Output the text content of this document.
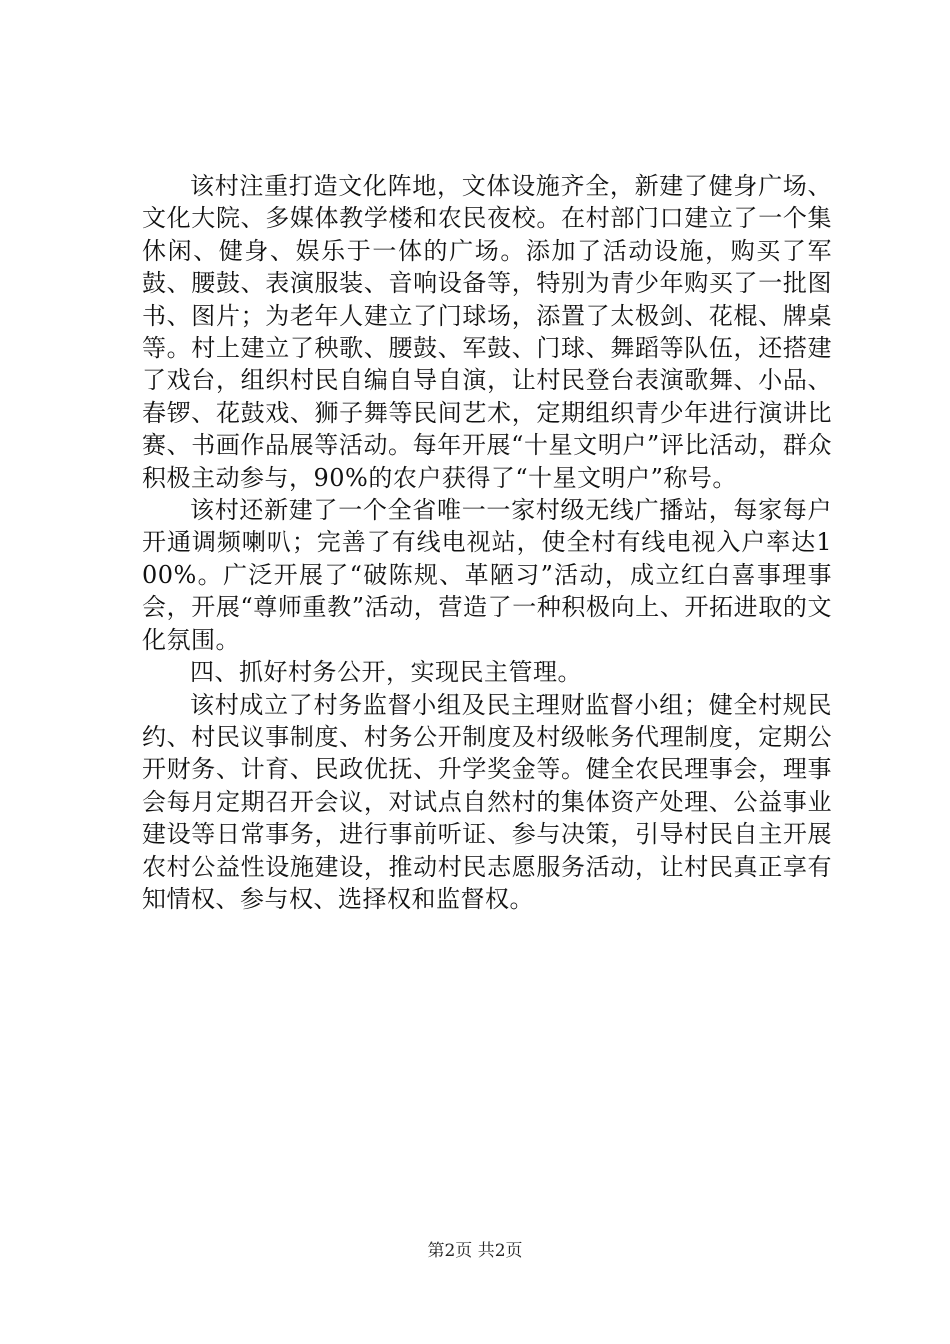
该村注重打造文化阵地，文体设施齐全，新建了健身广场、文化大院、多媒体教学楼和农民夜校。在村部门口建立了一个集休闲、健身、娱乐于一体的广场。添加了活动设施，购买了军鼓、腰鼓、表演服装、音响设备等，特别为青少年购买了一批图书、图片；为老年人建立了门球场，添置了太极剑、花棍、牌桌等。村上建立了秧歌、腰鼓、军鼓、门球、舞蹈等队伍，还搭建了戏台，组织村民自编自导自演，让村民登台表演歌舞、小品、春锣、花鼓戏、狮子舞等民间艺术，定期组织青少年进行演讲比赛、书画作品展等活动。每年开展“十星文明户”评比活动，群众积极主动参与，90%的农户获得了“十星文明户”称号。

该村还新建了一个全省唯一一家村级无线广播站，每家每户开通调频喇叭；完善了有线电视站，使全村有线电视入户率达100%。广泛开展了“破陈规、革陋习”活动，成立红白喜事理事会，开展“尊师重教”活动，营造了一种积极向上、开拓进取的文化氛围。

四、抓好村务公开，实现民主管理。

该村成立了村务监督小组及民主理财监督小组；健全村规民约、村民议事制度、村务公开制度及村级帐务代理制度，定期公开财务、计育、民政优抚、升学奖金等。健全农民理事会，理事会每月定期召开会议，对试点自然村的集体资产处理、公益事业建设等日常事务，进行事前听证、参与决策，引导村民自主开展农村公益性设施建设，推动村民志愿服务活动，让村民真正享有知情权、参与权、选择权和监督权。

第2页 共2页
